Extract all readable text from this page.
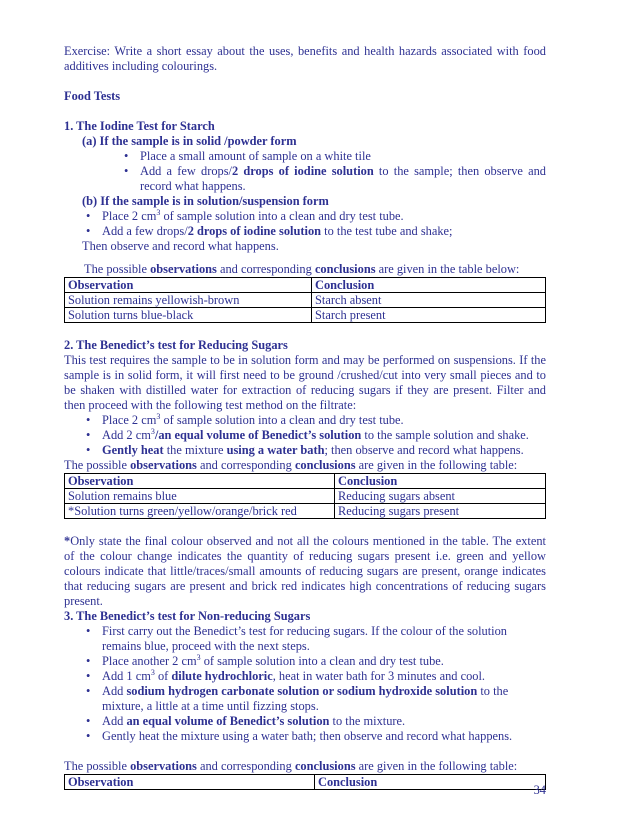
Exercise: Write a short essay about the uses, benefits and health hazards associated with food additives including colourings.

Food Tests

1. The Iodine Test for Starch

(a) If the sample is in solid /powder form

• Place a small amount of sample on a white tile
• Add a few drops/2 drops of iodine solution to the sample; then observe and record what happens.

(b) If the sample is in solution/suspension form

• Place 2 $cm^3$ of sample solution into a clean and dry test tube.
• Add a few drops/2 drops of iodine solution to the test tube and shake;

Then observe and record what happens.

The possible observations and corresponding conclusions are given in the table below:

Observation	Conclusion
Solution remains yellowish-brown	Starch absent
Solution turns blue-black	Starch present

2. The Benedict’s test for Reducing Sugars

This test requires the sample to be in solution form and may be performed on suspensions. If the sample is in solid form, it will first need to be ground /crushed/cut into very small pieces and to be shaken with distilled water for extraction of reducing sugars if they are present. Filter and then proceed with the following test method on the filtrate:

• Place 2 $cm^3$ of sample solution into a clean and dry test tube.
• Add 2 $cm^3/an$ equal volume of Benedict’s solution to the sample solution and shake.
• Gently heat the mixture using a water bath; then observe and record what happens.

The possible observations and corresponding conclusions are given in the following table:

Observation	Conclusion
Solution remains blue	Reducing sugars absent
*Solution turns green/yellow/orange/brick red	Reducing sugars present

*Only state the final colour observed and not all the colours mentioned in the table. The extent of the colour change indicates the quantity of reducing sugars present i.e. green and yellow colours indicate that little/traces/small amounts of reducing sugars are present, orange indicates that reducing sugars are present and brick red indicates high concentrations of reducing sugars present.

3. The Benedict’s test for Non-reducing Sugars

• First carry out the Benedict’s test for reducing sugars. If the colour of the solution remains blue, proceed with the next steps.
• Place another 2 $cm^3$ of sample solution into a clean and dry test tube.
• Add 1 $cm^3$ of dilute hydrochloric, heat in water bath for 3 minutes and cool.
• Add sodium hydrogen carbonate solution or sodium hydroxide solution to the mixture, a little at a time until fizzing stops.
• Add an equal volume of Benedict’s solution to the mixture.
• Gently heat the mixture using a water bath; then observe and record what happens.

The possible observations and corresponding conclusions are given in the following table:

Observation	Conclusion
34
